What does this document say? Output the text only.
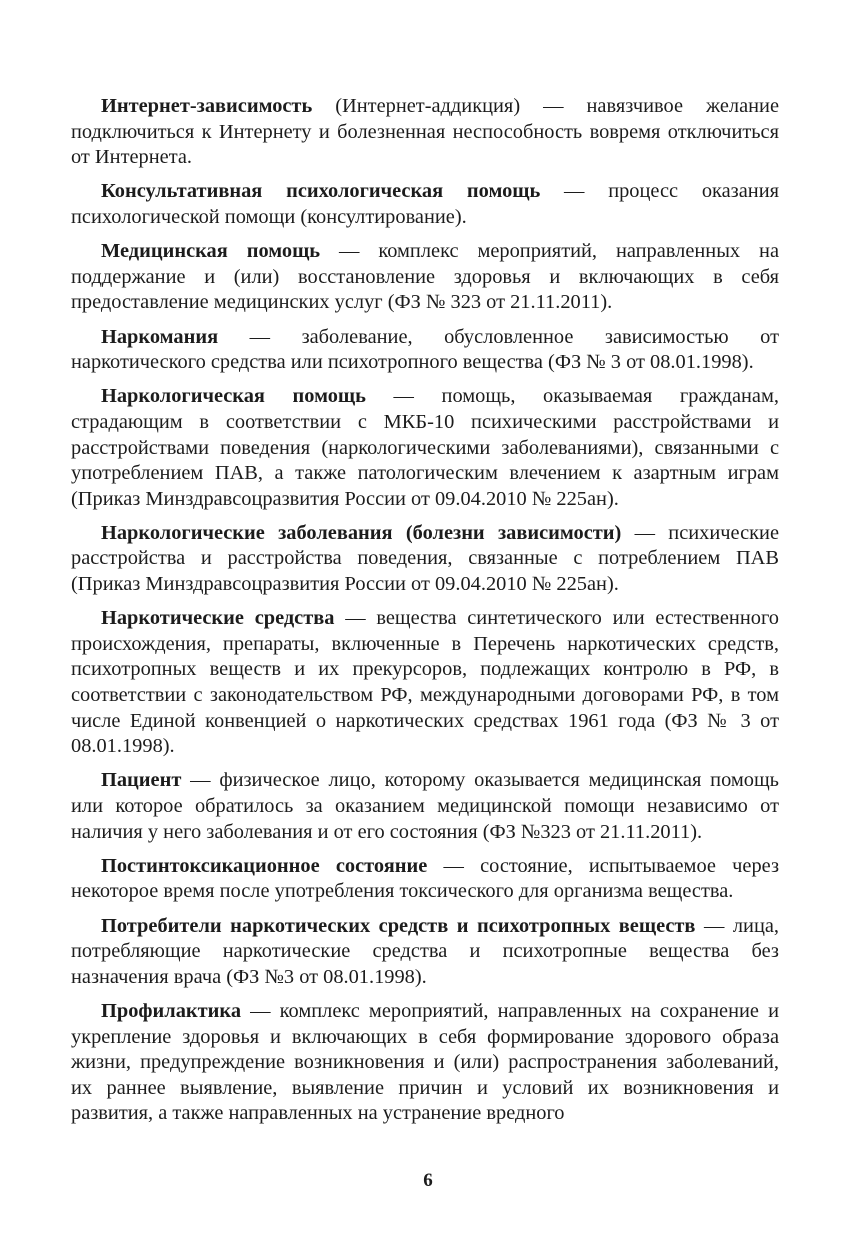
Интернет-зависимость (Интернет-аддикция) — навязчивое желание подключиться к Интернету и болезненная неспособность вовремя отключиться от Интернета.

Консультативная психологическая помощь — процесс оказания психологической помощи (консултирование).

Медицинская помощь — комплекс мероприятий, направленных на поддержание и (или) восстановление здоровья и включающих в себя предоставление медицинских услуг (ФЗ № 323 от 21.11.2011).

Наркомания — заболевание, обусловленное зависимостью от наркотического средства или психотропного вещества (ФЗ № 3 от 08.01.1998).

Наркологическая помощь — помощь, оказываемая гражданам, страдающим в соответствии с МКБ-10 психическими расстройствами и расстройствами поведения (наркологическими заболеваниями), связанными с употреблением ПАВ, а также патологическим влечением к азартным играм (Приказ Минздравсоцразвития России от 09.04.2010 № 225ан).

Наркологические заболевания (болезни зависимости) — психические расстройства и расстройства поведения, связанные с потреблением ПАВ (Приказ Минздравсоцразвития России от 09.04.2010 № 225ан).

Наркотические средства — вещества синтетического или естественного происхождения, препараты, включенные в Перечень наркотических средств, психотропных веществ и их прекурсоров, подлежащих контролю в РФ, в соответствии с законодательством РФ, международными договорами РФ, в том числе Единой конвенцией о наркотических средствах 1961 года (ФЗ № 3 от 08.01.1998).

Пациент — физическое лицо, которому оказывается медицинская помощь или которое обратилось за оказанием медицинской помощи независимо от наличия у него заболевания и от его состояния (ФЗ №323 от 21.11.2011).

Постинтоксикационное состояние — состояние, испытываемое через некоторое время после употребления токсического для организма вещества.

Потребители наркотических средств и психотропных веществ — лица, потребляющие наркотические средства и психотропные вещества без назначения врача (ФЗ №3 от 08.01.1998).

Профилактика — комплекс мероприятий, направленных на сохранение и укрепление здоровья и включающих в себя формирование здорового образа жизни, предупреждение возникновения и (или) распространения заболеваний, их раннее выявление, выявление причин и условий их возникновения и развития, а также направленных на устранение вредного

6
